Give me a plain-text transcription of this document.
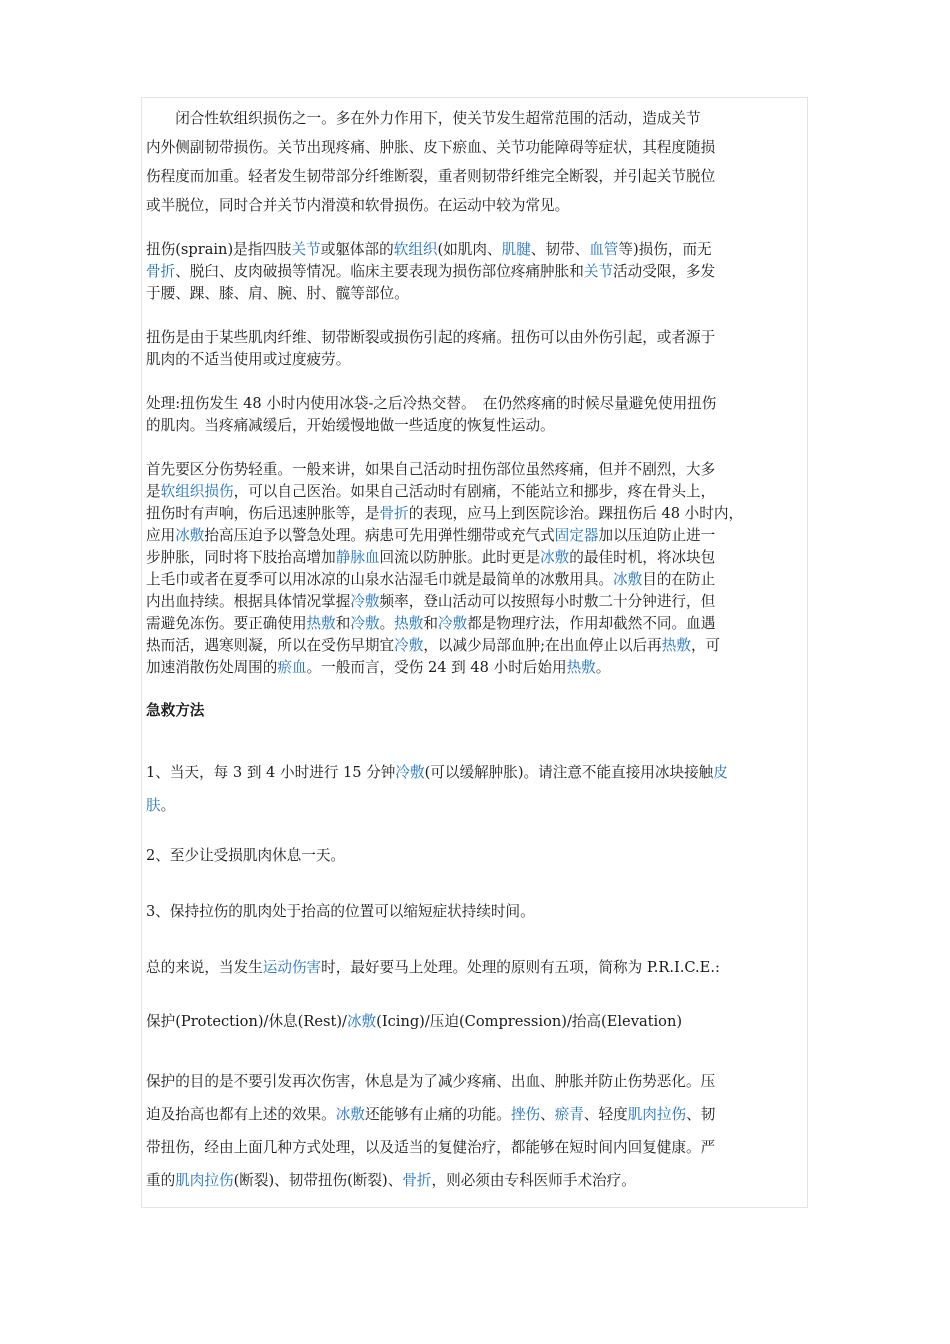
　　闭合性软组织损伤之一。多在外力作用下，使关节发生超常范围的活动，造成关节
内外侧副韧带损伤。关节出现疼痛、肿胀、皮下瘀血、关节功能障碍等症状，其程度随损
伤程度而加重。轻者发生韧带部分纤维断裂，重者则韧带纤维完全断裂，并引起关节脱位
或半脱位，同时合并关节内滑漠和软骨损伤。在运动中较为常见。
扭伤(sprain)是指四肢关节或躯体部的软组织(如肌肉、肌腱、韧带、血管等)损伤，而无
骨折、脱臼、皮肉破损等情况。临床主要表现为损伤部位疼痛肿胀和关节活动受限，多发
于腰、踝、膝、肩、腕、肘、髋等部位。
扭伤是由于某些肌肉纤维、韧带断裂或损伤引起的疼痛。扭伤可以由外伤引起，或者源于
肌肉的不适当使用或过度疲劳。
处理:扭伤发生 48 小时内使用冰袋-之后冷热交替。　在仍然疼痛的时候尽量避免使用扭伤
的肌肉。当疼痛减缓后，开始缓慢地做一些适度的恢复性运动。
首先要区分伤势轻重。一般来讲，如果自己活动时扭伤部位虽然疼痛，但并不剧烈，大多
是软组织损伤，可以自己医治。如果自己活动时有剧痛，不能站立和挪步，疼在骨头上，
扭伤时有声响，伤后迅速肿胀等，是骨折的表现，应马上到医院诊治。踝扭伤后 48 小时内，
应用冰敷抬高压迫予以警急处理。病患可先用弹性绷带或充气式固定器加以压迫防止进一
步肿胀，同时将下肢抬高增加静脉血回流以防肿胀。此时更是冰敷的最佳时机，将冰块包
上毛巾或者在夏季可以用冰凉的山泉水沾湿毛巾就是最简单的冰敷用具。冰敷目的在防止
内出血持续。根据具体情况掌握冷敷频率，登山活动可以按照每小时敷二十分钟进行，但
需避免冻伤。要正确使用热敷和冷敷。热敷和冷敷都是物理疗法，作用却截然不同。血遇
热而活，遇寒则凝，所以在受伤早期宜冷敷，以减少局部血肿;在出血停止以后再热敷，可
加速消散伤处周围的瘀血。一般而言，受伤 24 到 48 小时后始用热敷。
急救方法
1、当天，每 3 到 4 小时进行 15 分钟冷敷(可以缓解肿胀)。请注意不能直接用冰块接触皮
肤。
2、至少让受损肌肉休息一天。
3、保持拉伤的肌肉处于抬高的位置可以缩短症状持续时间。
总的来说，当发生运动伤害时，最好要马上处理。处理的原则有五项，简称为 P.R.I.C.E.:
保护(Protection)/休息(Rest)/冰敷(Icing)/压迫(Compression)/抬高(Elevation)
保护的目的是不要引发再次伤害，休息是为了减少疼痛、出血、肿胀并防止伤势恶化。压
迫及抬高也都有上述的效果。冰敷还能够有止痛的功能。挫伤、瘀青、轻度肌肉拉伤、韧
带扭伤，经由上面几种方式处理，以及适当的复健治疗，都能够在短时间内回复健康。严
重的肌肉拉伤(断裂)、韧带扭伤(断裂)、骨折，则必须由专科医师手术治疗。
